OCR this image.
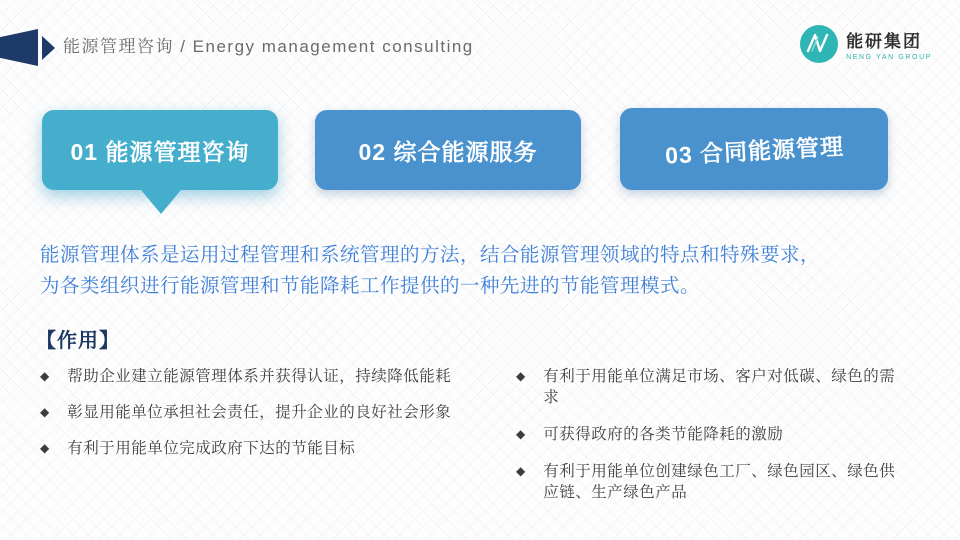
能源管理咨询 / Energy management consulting	能研集团
NENG YAN GROUP
01 能源管理咨询	02 综合能源服务	03 合同能源管理
能源管理体系是运用过程管理和系统管理的方法，结合能源管理领域的特点和特殊要求，
为各类组织进行能源管理和节能降耗工作提供的一种先进的节能管理模式。
【作用】
◆ 帮助企业建立能源管理体系并获得认证，持续降低能耗
◆ 彰显用能单位承担社会责任，提升企业的良好社会形象
◆ 有利于用能单位完成政府下达的节能目标
◆ 有利于用能单位满足市场、客户对低碳、绿色的需求
◆ 可获得政府的各类节能降耗的激励
◆ 有利于用能单位创建绿色工厂、绿色园区、绿色供应链、生产绿色产品
